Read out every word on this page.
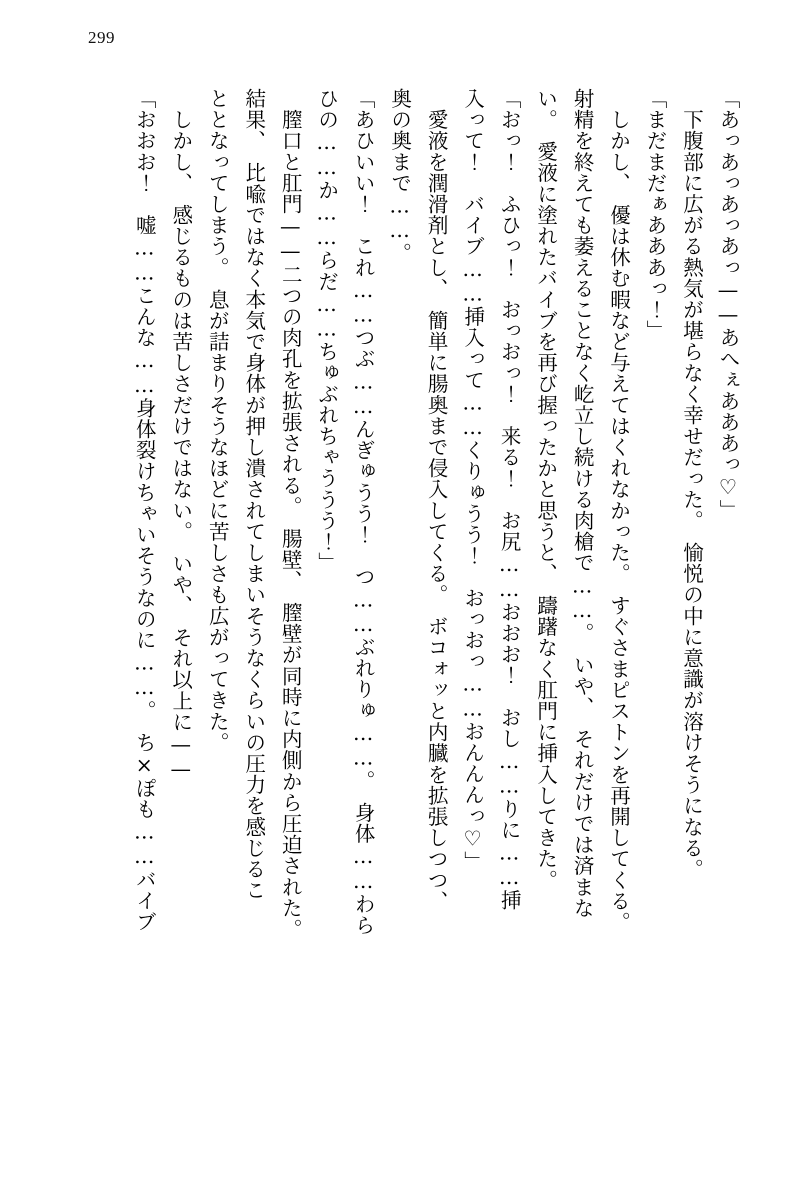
299

「あっあっあっあっ——あへぇあああっ♡」

　下腹部に広がる熱気が堪らなく幸せだった。　愉悦の中に意識が溶けそうになる。

「まだまだぁあああっ！」

　しかし、　優は休む暇など与えてはくれなかった。　すぐさまピストンを再開してくる。

射精を終えても萎えることなく屹立し続ける肉槍で……。　いや、　それだけでは済まな

い。　愛液に塗れたバイブを再び握ったかと思うと、　躊躇なく肛門に挿入してきた。

「おっ！　ふひっ！　おっおっ！　来る！　お尻……おおお！　おし……りに……挿

入って！　バイブ……挿入って……くりゅうう！　おっおっ……おんんんっ♡」

　愛液を潤滑剤とし、　簡単に腸奥まで侵入してくる。　ボコォッと内臓を拡張しつつ、

奥の奥まで……。

「あひいい！　これ……つぶ……んぎゅうう！　つ……ぶれりゅ……。　身体……わら

ひの……か……らだ……ちゅぶれちゃううう！」

　膣口と肛門——二つの肉孔を拡張される。　腸壁、　膣壁が同時に内側から圧迫された。

結果、　比喩ではなく本気で身体が押し潰されてしまいそうなくらいの圧力を感じるこ

ととなってしまう。　息が詰まりそうなほどに苦しさも広がってきた。

　しかし、　感じるものは苦しさだけではない。　いや、　それ以上に——

「おおお！　嘘……こんな……身体裂けちゃいそうなのに……。　ち×ぽも……バイブ
